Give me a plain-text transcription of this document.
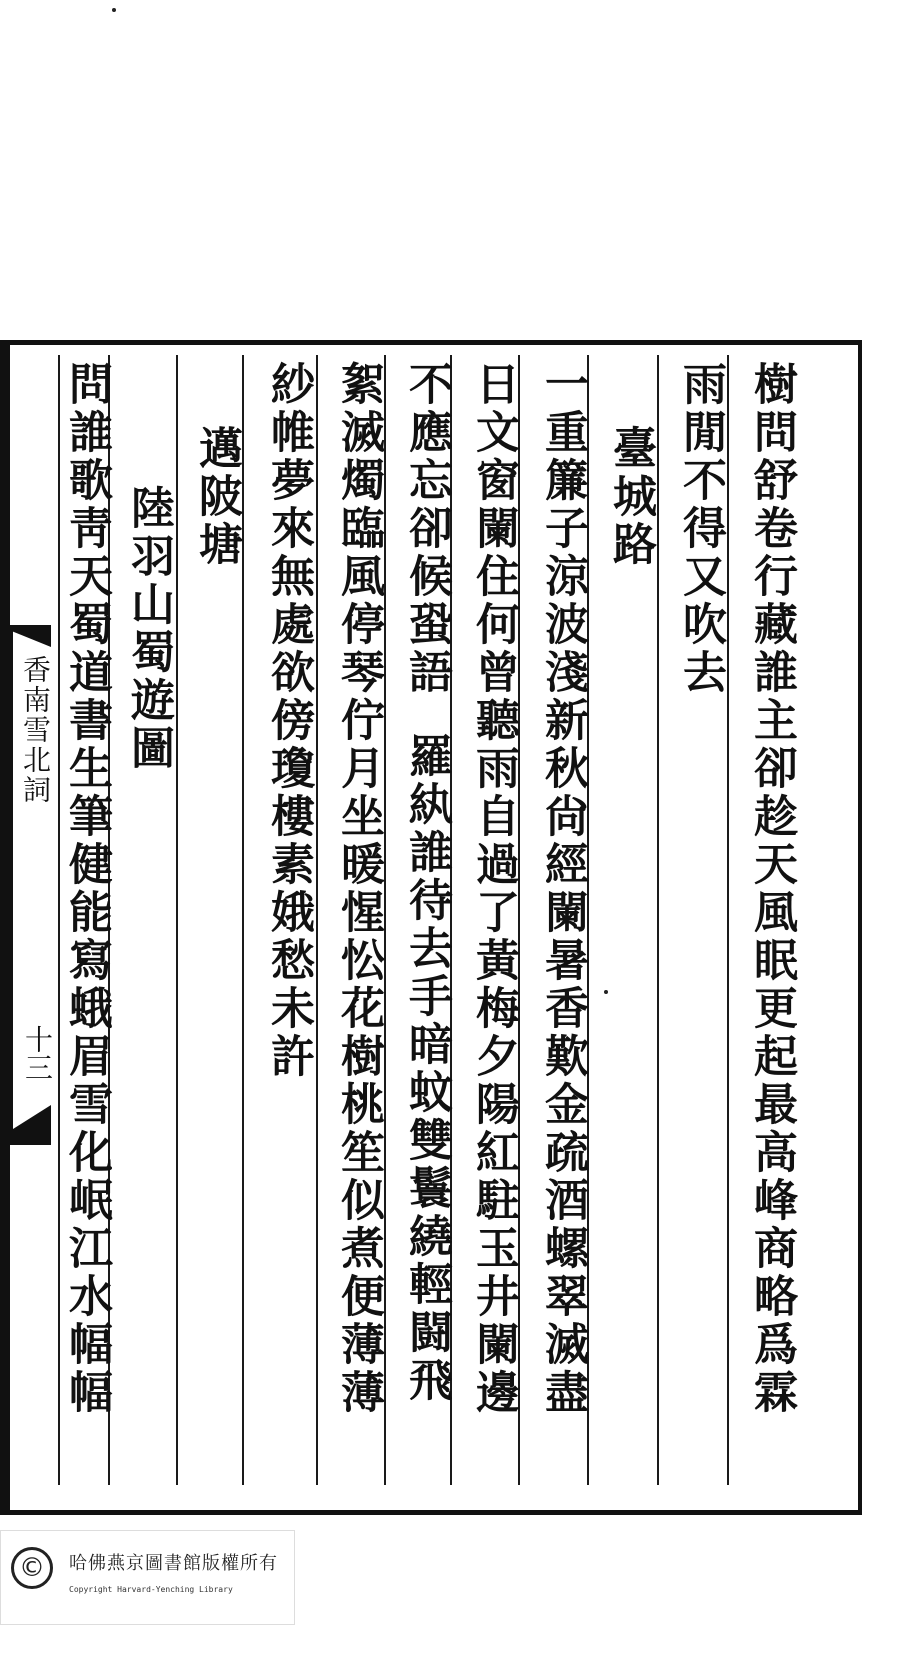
樹問舒卷行藏誰主卻趁天風眠更起最高峰商略爲霖
雨閒不得又吹去
臺城路
一重簾子涼波淺新秋尙經闌暑香歎金疏酒螺翠滅盡
日文窗闌住何曾聽雨自過了黃梅夕陽紅駐玉井闌邊
不應忘卻候蛩語
羅紈誰待去手暗蚊雙鬟繞輕闘飛
絮滅燭臨風停琴佇月坐暖惺忪花樹桃笙似煮便薄薄
紗帷夢來無處欲傍瓊樓素娥愁未許
邁陂塘
陸羽山蜀遊圖
問誰歌靑天蜀道書生筆健能寫蛾眉雪化岷江水幅幅
香南雪北詞
十三
©	哈佛燕京圖書館版權所有
Copyright Harvard-Yenching Library
